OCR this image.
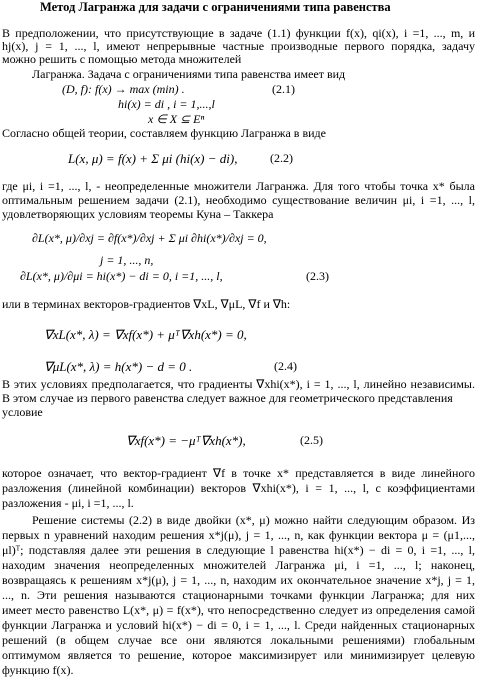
Метод Лагранжа для задачи с ограничениями типа равенства
В предположении, что присутствующие в задаче (1.1) функции f(x), qi(x), i =1, ..., m, и
hj(x), j = 1, ..., l, имеют непрерывные частные производные первого порядка, задачу
можно решить с помощью метода множителей
Лагранжа. Задача с ограничениями типа равенства имеет вид
(D, f): f(x) → max (min) .	(2.1)
hi(x) = di , i = 1,...,l
x ∈ X ⊆ Eⁿ
Согласно общей теории, составляем функцию Лагранжа в виде
L(x, μ) = f(x) + Σ μi (hi(x) − di),	(2.2)
где μi, i =1, ..., l, - неопределенные множители Лагранжа. Для того чтобы точка x* была
оптимальным решением задачи (2.1), необходимо существование величин μi, i =1, ..., l,
удовлетворяющих условиям теоремы Куна – Таккера
∂L(x*, μ)/∂xj = ∂f(x*)/∂xj + Σ μi ∂hi(x*)/∂xj = 0,
j = 1, ..., n,
∂L(x*, μ)/∂μi = hi(x*) − di = 0, i =1, ..., l,	(2.3)
или в терминах векторов-градиентов ∇xL, ∇μL, ∇f и ∇h:
∇xL(x*, λ) = ∇xf(x*) + μᵀ∇xh(x*) = 0,
∇μL(x*, λ) = h(x*) − d = 0 .	(2.4)
В этих условиях предполагается, что градиенты ∇xhi(x*), i = 1, ..., l, линейно независимы.
В этом случае из первого равенства следует важное для геометрического представления
условие
∇xf(x*) = −μᵀ∇xh(x*),	(2.5)
которое означает, что вектор-градиент ∇f в точке x* представляется в виде линейного
разложения (линейной комбинации) векторов ∇xhi(x*), i = 1, ..., l, с коэффициентами
разложения - μi, i =1, ..., l.
Решение системы (2.2) в виде двойки (x*, μ) можно найти следующим образом. Из
первых n уравнений находим решения x*j(μ), j = 1, ..., n, как функции вектора μ = (μ1,...,
μl)ᵀ; подставляя далее эти решения в следующие l равенства hi(x*) − di = 0, i =1, ..., l,
находим значения неопределенных множителей Лагранжа μi, i =1, ..., l; наконец,
возвращаясь к решениям x*j(μ), j = 1, ..., n, находим их окончательное значение x*j, j = 1,
..., n. Эти решения называются стационарными точками функции Лагранжа; для них
имеет место равенство L(x*, μ) = f(x*), что непосредственно следует из определения самой
функции Лагранжа и условий hi(x*) − di = 0, i = 1, ..., l. Среди найденных стационарных
решений (в общем случае все они являются локальными решениями) глобальным
оптимумом является то решение, которое максимизирует или минимизирует целевую
функцию f(x).
